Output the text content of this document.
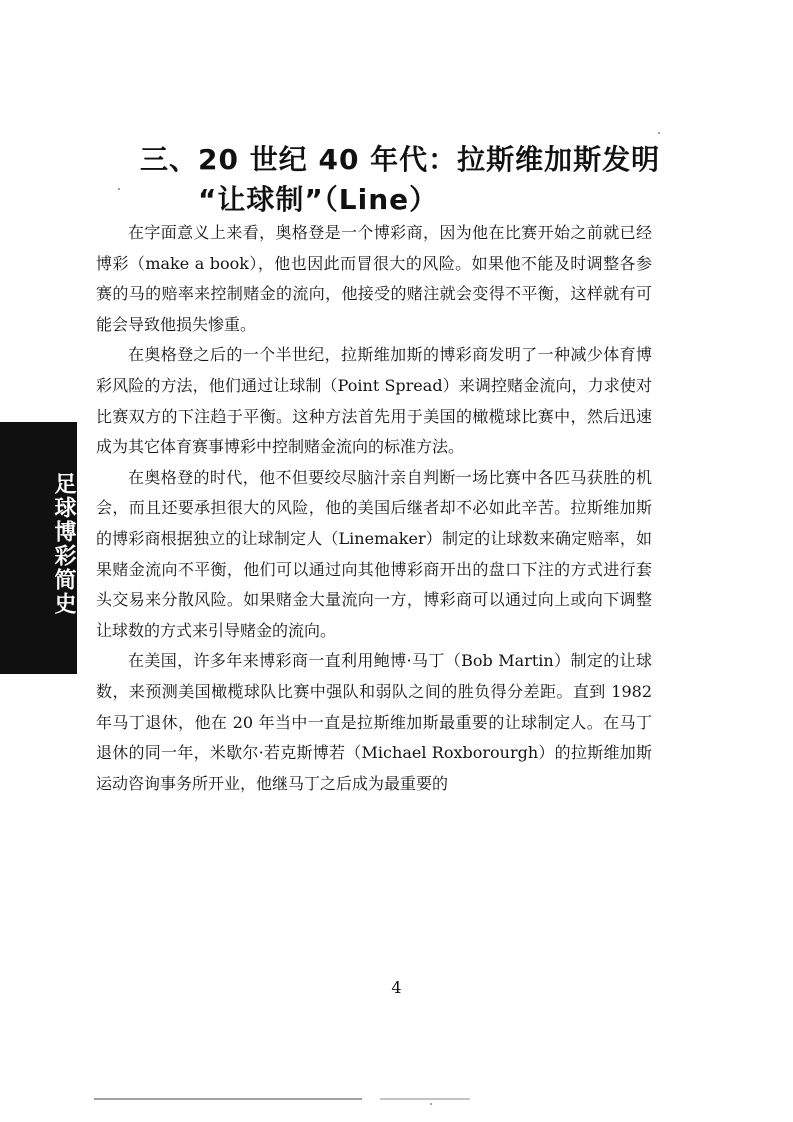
三、20 世纪 40 年代：拉斯维加斯发明
“让球制”（Line）

在字面意义上来看，奥格登是一个博彩商，因为他在比赛开始之前就已经博彩（make a book），他也因此而冒很大的风险。如果他不能及时调整各参赛的马的赔率来控制赌金的流向，他接受的赌注就会变得不平衡，这样就有可能会导致他损失惨重。

在奥格登之后的一个半世纪，拉斯维加斯的博彩商发明了一种减少体育博彩风险的方法，他们通过让球制（Point Spread）来调控赌金流向，力求使对比赛双方的下注趋于平衡。这种方法首先用于美国的橄榄球比赛中，然后迅速成为其它体育赛事博彩中控制赌金流向的标准方法。

在奥格登的时代，他不但要绞尽脑汁亲自判断一场比赛中各匹马获胜的机会，而且还要承担很大的风险，他的美国后继者却不必如此辛苦。拉斯维加斯的博彩商根据独立的让球制定人（Linemaker）制定的让球数来确定赔率，如果赌金流向不平衡，他们可以通过向其他博彩商开出的盘口下注的方式进行套头交易来分散风险。如果赌金大量流向一方，博彩商可以通过向上或向下调整让球数的方式来引导赌金的流向。

在美国，许多年来博彩商一直利用鲍博·马丁（Bob Martin）制定的让球数，来预测美国橄榄球队比赛中强队和弱队之间的胜负得分差距。直到 1982 年马丁退休，他在 20 年当中一直是拉斯维加斯最重要的让球制定人。在马丁退休的同一年，米歇尔·若克斯博若（Michael Roxborourgh）的拉斯维加斯运动咨询事务所开业，他继马丁之后成为最重要的

足球博彩简史
4
